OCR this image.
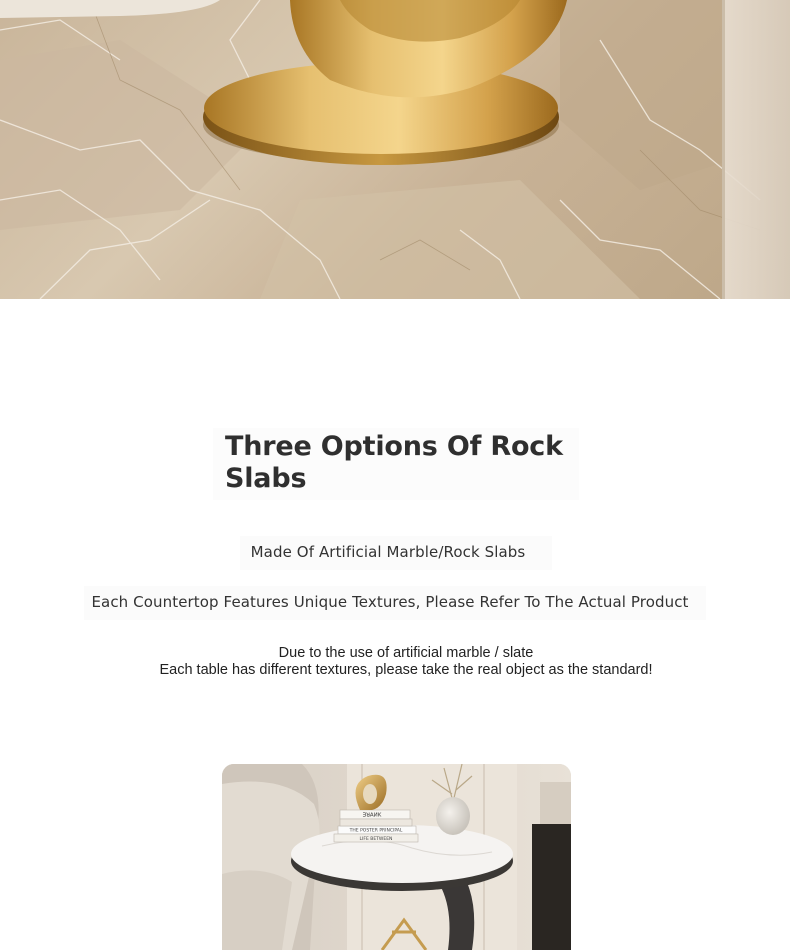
Three Options Of Rock Slabs
Made Of Artificial Marble/Rock Slabs
Each Countertop Features Unique Textures, Please Refer To The Actual Product
Due to the use of artificial marble / slate
Each table has different textures, please take the real object as the standard!
ƎꓤAИK
THE POSTER PRINCIPAL
LIFE BETWEEN
